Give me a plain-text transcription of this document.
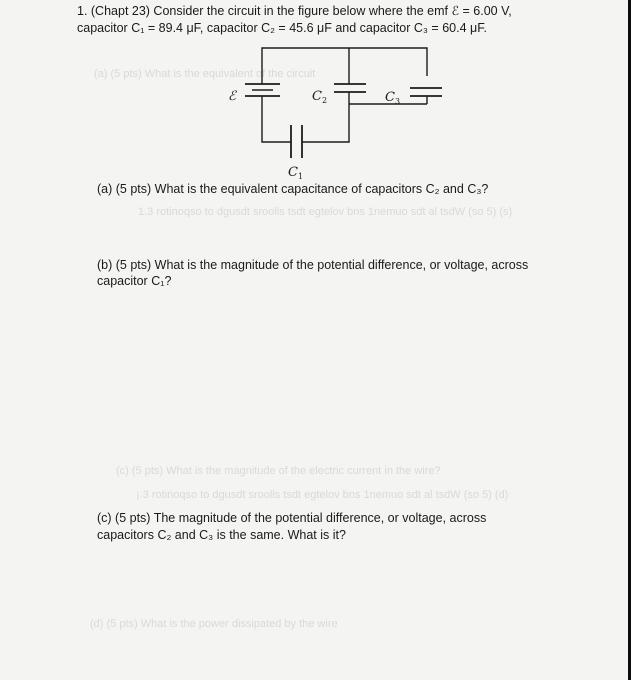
(a) (5 pts) What is the equivalent of the circuit

1.3 rotinoqso to dgusdt sroolls tsdt egtelov bns 1nemuo sdt al tsdW (so 5) (s)

(c) (5 pts) What is the magnitude of the electric current in the wire?

¡.3 rotinoqso to dgusdt sroolls tsdt egtelov bns 1nemuo sdt al tsdW (so 5) (d)

(d) (5 pts) What is the power dissipated by the wire

1. (Chapt 23) Consider the circuit in the figure below where the emf ℰ = 6.00 V,

capacitor C₁ = 89.4 μF, capacitor C₂ = 45.6 μF and capacitor C₃ = 60.4 μF.

ℰ	C 2	C 3
C 1

(a) (5 pts) What is the equivalent capacitance of capacitors C₂ and C₃?

(b) (5 pts) What is the magnitude of the potential difference, or voltage, across

capacitor C₁?

(c) (5 pts) The magnitude of the potential difference, or voltage, across

capacitors C₂ and C₃ is the same. What is it?
